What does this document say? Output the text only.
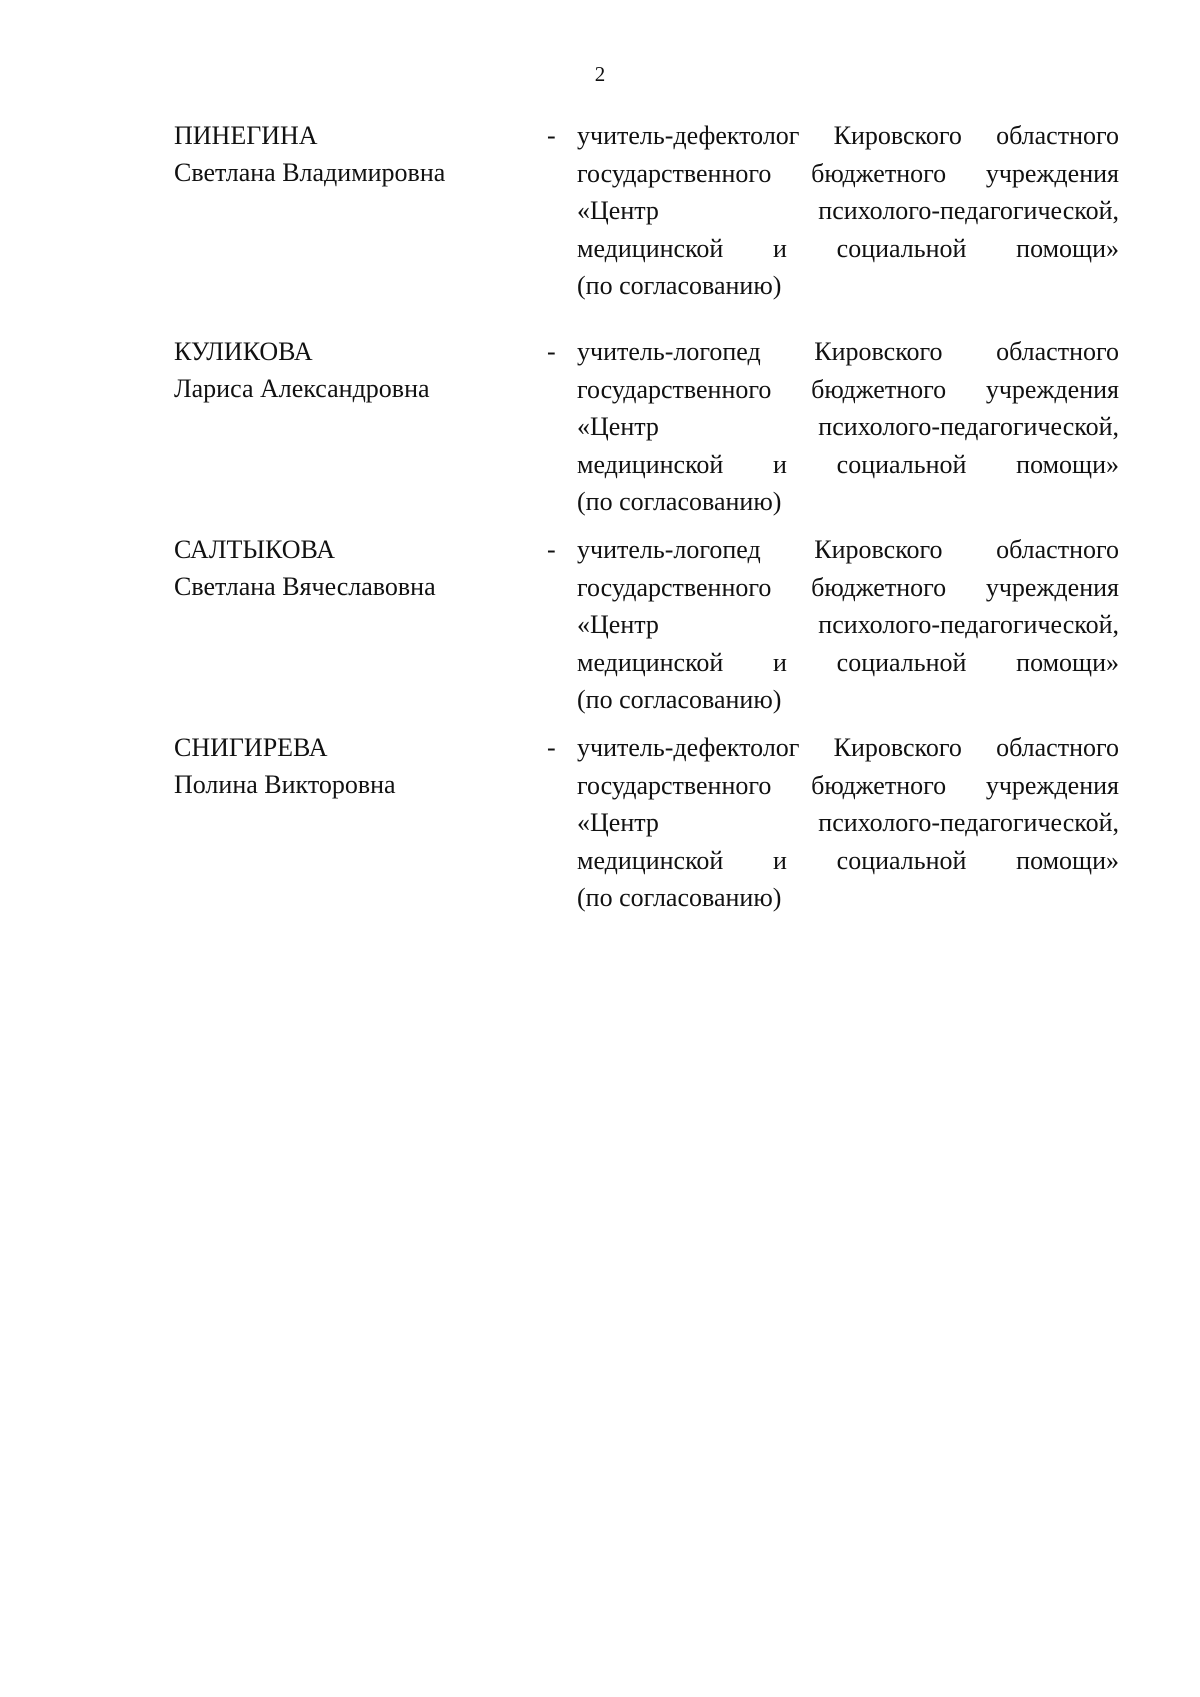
2
ПИНЕГИНА
Светлана Владимировна
- учитель-дефектолог Кировского областного
государственного бюджетного учреждения
«Центр психолого-педагогической,
медицинской и социальной помощи»
(по согласованию)
КУЛИКОВА
Лариса Александровна
- учитель-логопед Кировского областного
государственного бюджетного учреждения
«Центр психолого-педагогической,
медицинской и социальной помощи»
(по согласованию)
САЛТЫКОВА
Светлана Вячеславовна
- учитель-логопед Кировского областного
государственного бюджетного учреждения
«Центр психолого-педагогической,
медицинской и социальной помощи»
(по согласованию)
СНИГИРЕВА
Полина Викторовна
- учитель-дефектолог Кировского областного
государственного бюджетного учреждения
«Центр психолого-педагогической,
медицинской и социальной помощи»
(по согласованию)
